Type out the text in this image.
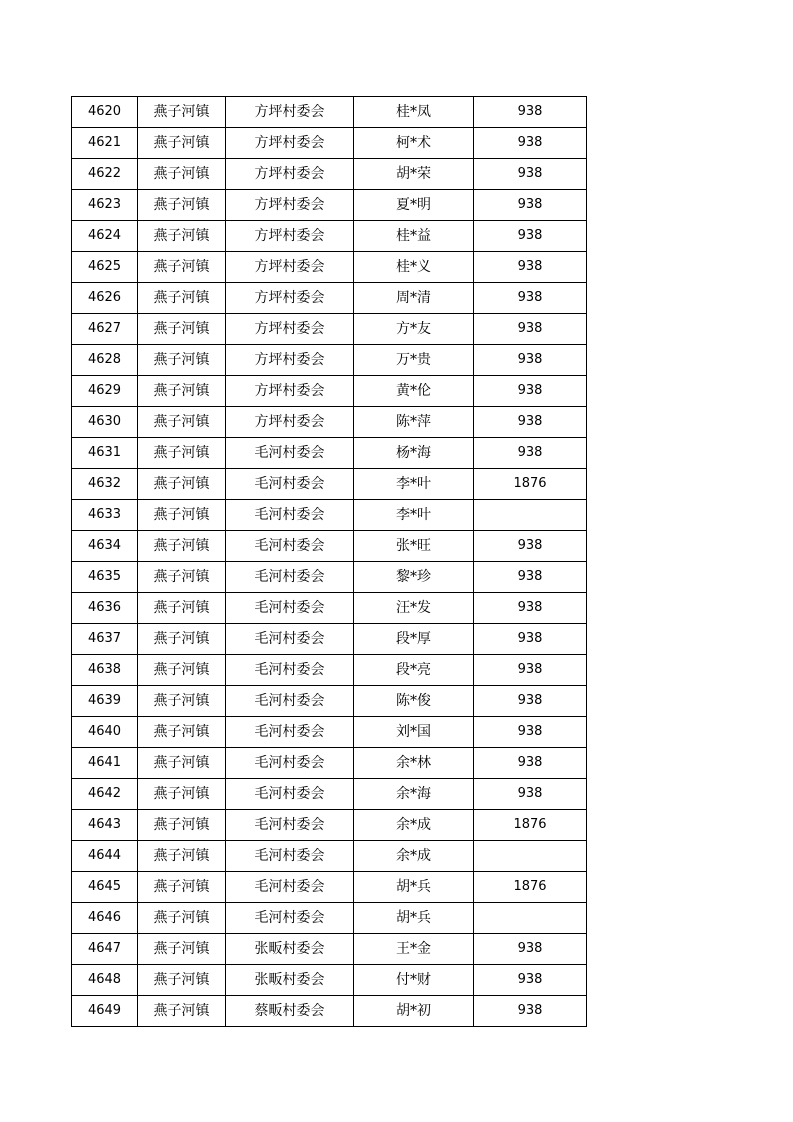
4620	燕子河镇	方坪村委会	桂*凤	938
4621	燕子河镇	方坪村委会	柯*术	938
4622	燕子河镇	方坪村委会	胡*荣	938
4623	燕子河镇	方坪村委会	夏*明	938
4624	燕子河镇	方坪村委会	桂*益	938
4625	燕子河镇	方坪村委会	桂*义	938
4626	燕子河镇	方坪村委会	周*清	938
4627	燕子河镇	方坪村委会	方*友	938
4628	燕子河镇	方坪村委会	万*贵	938
4629	燕子河镇	方坪村委会	黄*伦	938
4630	燕子河镇	方坪村委会	陈*萍	938
4631	燕子河镇	毛河村委会	杨*海	938
4632	燕子河镇	毛河村委会	李*叶	1876
4633	燕子河镇	毛河村委会	李*叶	
4634	燕子河镇	毛河村委会	张*旺	938
4635	燕子河镇	毛河村委会	黎*珍	938
4636	燕子河镇	毛河村委会	汪*发	938
4637	燕子河镇	毛河村委会	段*厚	938
4638	燕子河镇	毛河村委会	段*亮	938
4639	燕子河镇	毛河村委会	陈*俊	938
4640	燕子河镇	毛河村委会	刘*国	938
4641	燕子河镇	毛河村委会	余*林	938
4642	燕子河镇	毛河村委会	余*海	938
4643	燕子河镇	毛河村委会	余*成	1876
4644	燕子河镇	毛河村委会	余*成	
4645	燕子河镇	毛河村委会	胡*兵	1876
4646	燕子河镇	毛河村委会	胡*兵	
4647	燕子河镇	张畈村委会	王*金	938
4648	燕子河镇	张畈村委会	付*财	938
4649	燕子河镇	蔡畈村委会	胡*初	938
